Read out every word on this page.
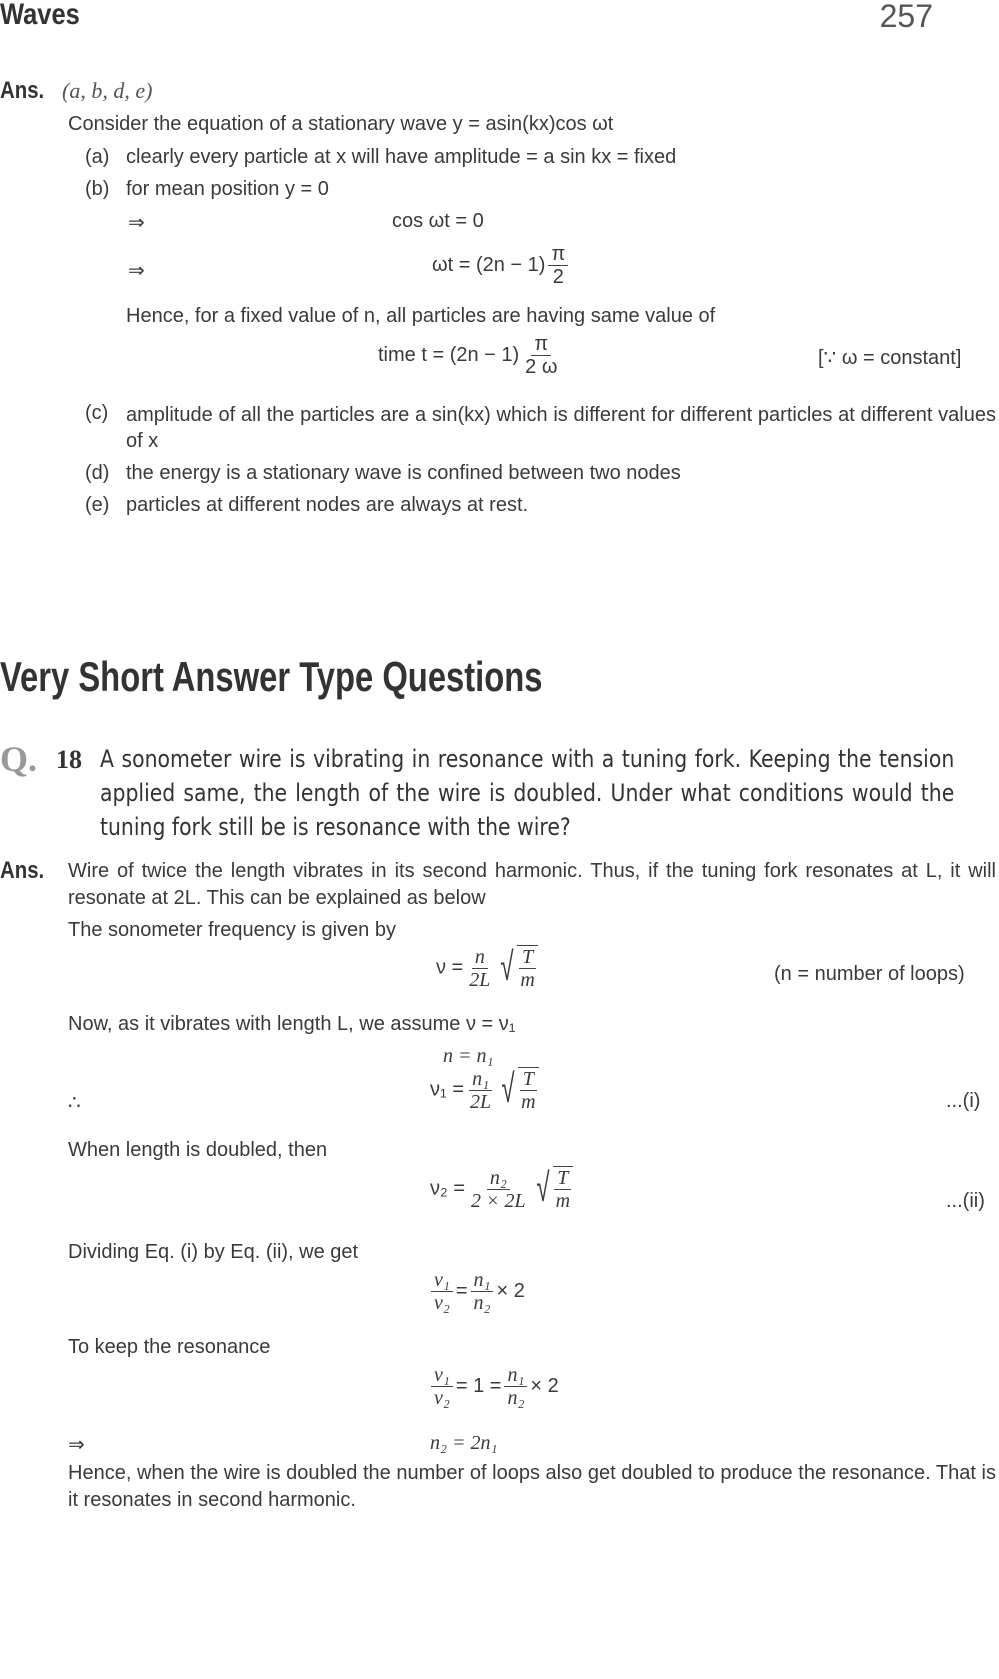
Waves	257
Ans. (a, b, d, e)
Consider the equation of a stationary wave y = asin(kx)cos ωt
(a) clearly every particle at x will have amplitude = a sin kx = fixed
(b) for mean position y = 0
⇒	cos ωt = 0
⇒	$\omega t = (2n - 1) \frac{\pi}{2}$
Hence, for a fixed value of n, all particles are having same value of
time $t = (2n - 1) \frac{\pi}{2 \omega}$	[∵ ω = constant]
(c) amplitude of all the particles are a sin(kx) which is different for different particles at different values of x
(d) the energy is a stationary wave is confined between two nodes
(e) particles at different nodes are always at rest.
Very Short Answer Type Questions
Q. 18 A sonometer wire is vibrating in resonance with a tuning fork. Keeping the tension applied same, the length of the wire is doubled. Under what conditions would the tuning fork still be is resonance with the wire?
Ans. Wire of twice the length vibrates in its second harmonic. Thus, if the tuning fork resonates at L, it will resonate at 2L. This can be explained as below
The sonometer frequency is given by
$\nu = \frac{n}{2L}$ √ $\frac{T}{m}$	(n = number of loops)
Now, as it vibrates with length L, we assume ν = ν₁
n = n₁
∴
$\nu_1 = \frac{\text{n₁}}{2L}$ √ $\frac{T}{m}$	...(i)
When length is doubled, then
$\nu_2 = \frac{\text{n₂}}{2 \times 2L}$ √ $\frac{T}{m}$	...(ii)
Dividing Eq. (i) by Eq. (ii), we get
$\frac{\text{ν₁}}{\text{ν₂}} = \frac{\text{n₁}}{\text{n₂}} \times 2$
To keep the resonance
$\frac{\text{ν₁}}{\text{ν₂}} = 1 = \frac{\text{n₁}}{\text{n₂}} \times 2$
⇒	n₂ = 2n₁
Hence, when the wire is doubled the number of loops also get doubled to produce the resonance. That is it resonates in second harmonic.
